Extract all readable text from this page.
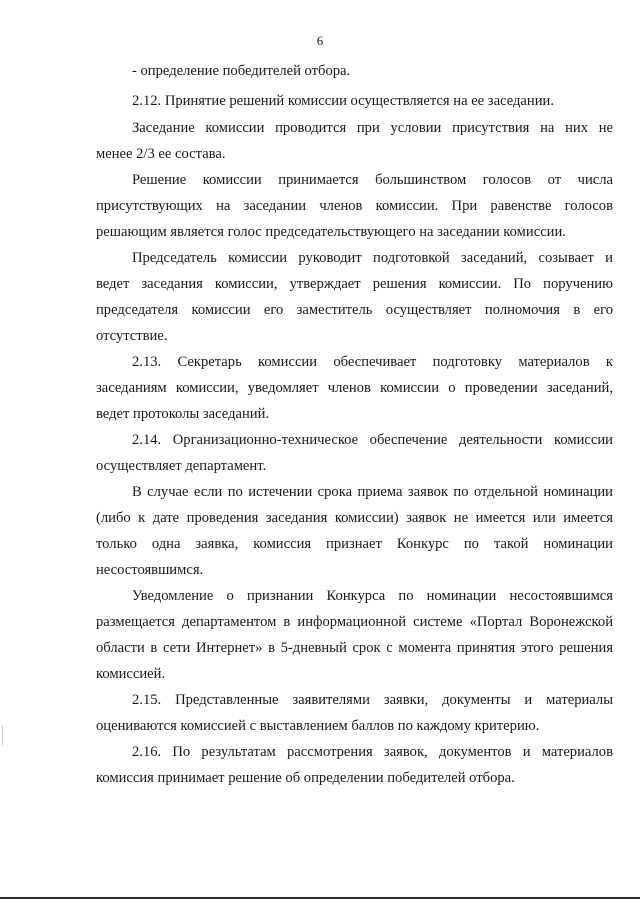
6
- определение победителей отбора.
2.12. Принятие решений комиссии осуществляется на ее заседании.
Заседание комиссии проводится при условии присутствия на них не
менее 2/3 ее состава.
Решение комиссии принимается большинством голосов от числа
присутствующих на заседании членов комиссии. При равенстве голосов
решающим является голос председательствующего на заседании комиссии.
Председатель комиссии руководит подготовкой заседаний, созывает и
ведет заседания комиссии, утверждает решения комиссии. По поручению
председателя комиссии его заместитель осуществляет полномочия в его
отсутствие.
2.13. Секретарь комиссии обеспечивает подготовку материалов к
заседаниям комиссии, уведомляет членов комиссии о проведении заседаний,
ведет протоколы заседаний.
2.14. Организационно-техническое обеспечение деятельности комиссии
осуществляет департамент.
В случае если по истечении срока приема заявок по отдельной номинации
(либо к дате проведения заседания комиссии) заявок не имеется или имеется
только одна заявка, комиссия признает Конкурс по такой номинации
несостоявшимся.
Уведомление о признании Конкурса по номинации несостоявшимся
размещается департаментом в информационной системе «Портал Воронежской
области в сети Интернет» в 5-дневный срок с момента принятия этого решения
комиссией.
2.15. Представленные заявителями заявки, документы и материалы
оцениваются комиссией с выставлением баллов по каждому критерию.
2.16. По результатам рассмотрения заявок, документов и материалов
комиссия принимает решение об определении победителей отбора.
